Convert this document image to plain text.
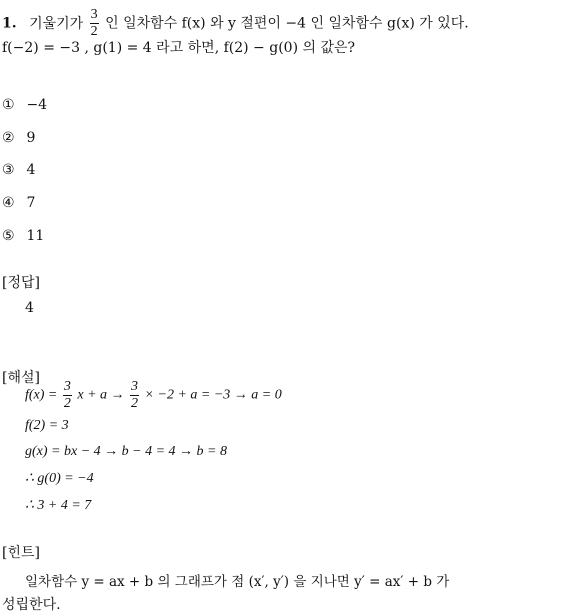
1. 기울기가 $\frac{3}{2}$ 인 일차함수 f(x) 와 y 절편이 −4 인 일차함수 g(x) 가 있다.
f(−2) = −3 , g(1) = 4 라고 하면, f(2) − g(0) 의 값은?
① −4
② 9
③ 4
④ 7
⑤ 11
[정답]
4
[해설]
$f(x) = \frac{3}{2}$ $x + a \to \frac{3}{2} \times -2 + a = -3 \to a = 0$
f(2) = 3
g(x) = bx − 4 → b − 4 = 4 → b = 8
∴ g(0) = −4
∴ 3 + 4 = 7
[힌트]
일차함수 y = ax + b 의 그래프가 점 (x′, y′) 을 지나면 y′ = ax′ + b 가
성립한다.
